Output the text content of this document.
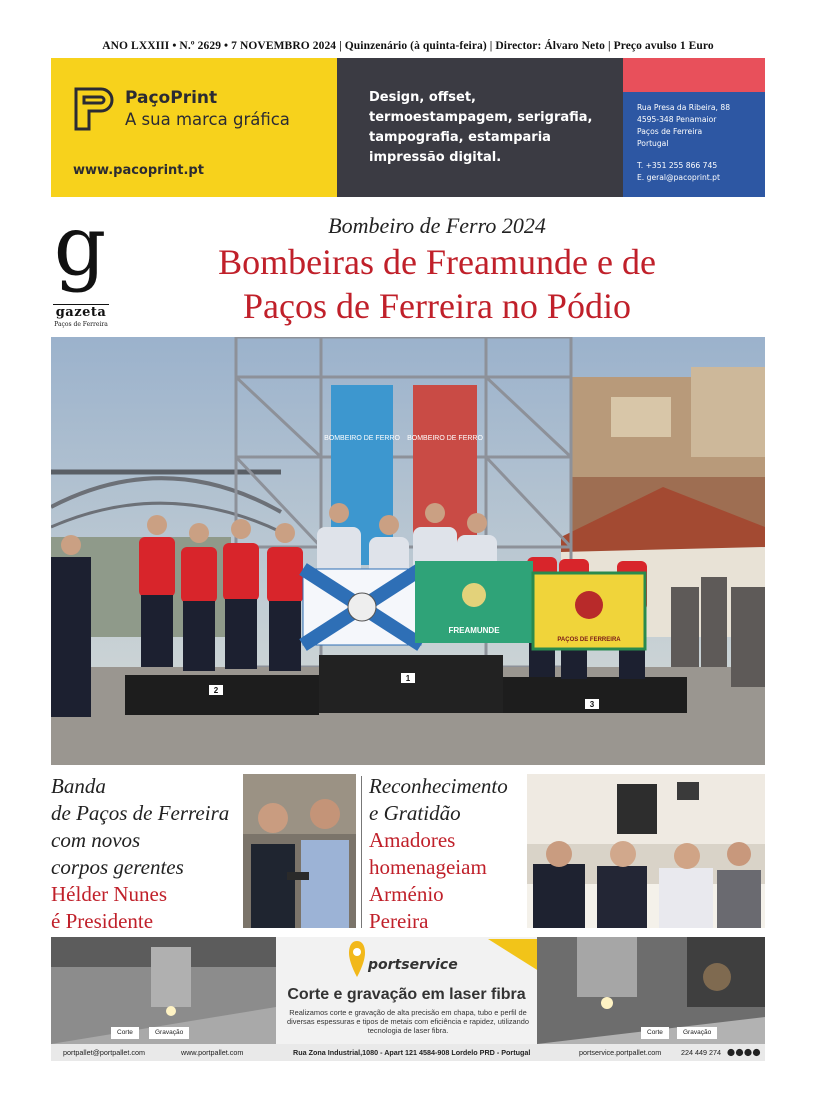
ANO LXXIII • N.º 2629 • 7 NOVEMBRO 2024 | Quinzenário (à quinta-feira) | Director: Álvaro Neto | Preço avulso 1 Euro
PaçoPrint
A sua marca gráfica
www.pacoprint.pt
Design, offset, termoestampagem, serigrafia, tampografia, estamparia impressão digital.
Rua Presa da Ribeira, 88
4595-348 Penamaior
Paços de Ferreira
Portugal
T. +351 255 866 745
E. geral@pacoprint.pt
g
gazeta
Paços de Ferreira
Bombeiro de Ferro 2024
Bombeiras de Freamunde e de
Paços de Ferreira no Pódio
BOMBEIRO DE FERRO BOMBEIRO DE FERRO
2
1
3
FREAMUNDE
PAÇOS DE FERREIRA
Banda
de Paços de Ferreira
com novos
corpos gerentes
Hélder Nunes
é Presidente
Reconhecimento
e Gratidão
Amadores
homenageiam
Arménio
Pereira
Corte	Gravação
portservice
Corte e gravação em laser fibra
Realizamos corte e gravação de alta precisão em chapa, tubo e perfil de diversas espessuras e tipos de metais com eficiência e rapidez, utilizando tecnologia de laser fibra.	Corte	Gravação
portpallet@portpallet.com	www.portpallet.com	Rua Zona Industrial,1080 - Apart 121 4584-908 Lordelo PRD - Portugal	portservice.portpallet.com	224 449 274
